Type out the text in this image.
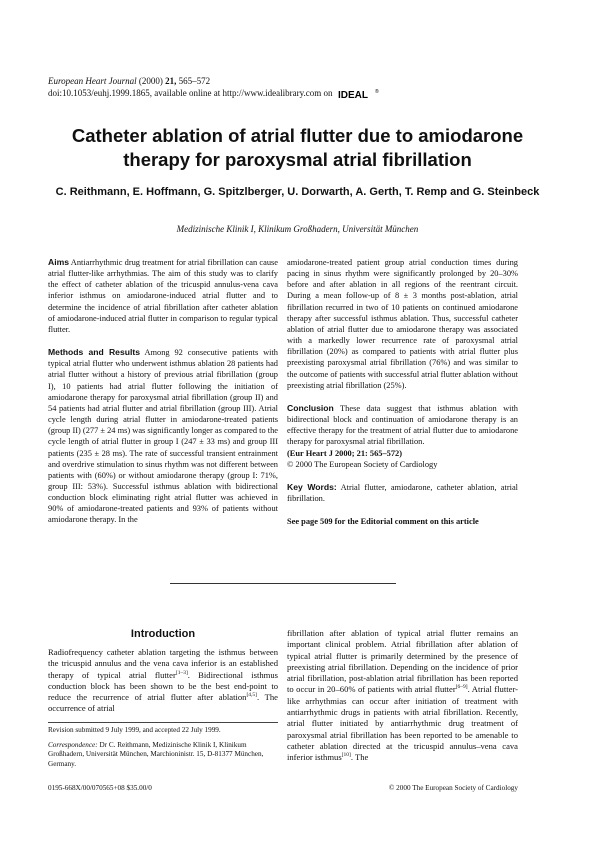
European Heart Journal (2000) 21, 565–572
doi:10.1053/euhj.1999.1865, available online at http://www.idealibrary.com on IDEAL ®
Catheter ablation of atrial flutter due to amiodarone therapy for paroxysmal atrial fibrillation
C. Reithmann, E. Hoffmann, G. Spitzlberger, U. Dorwarth, A. Gerth, T. Remp and G. Steinbeck
Medizinische Klinik I, Klinikum Großhadern, Universität München

Aims Antiarrhythmic drug treatment for atrial fibrillation can cause atrial flutter-like arrhythmias. The aim of this study was to clarify the effect of catheter ablation of the tricuspid annulus-vena cava inferior isthmus on amiodarone-induced atrial flutter and to determine the incidence of atrial fibrillation after catheter ablation of amiodarone-induced atrial flutter in comparison to regular typical flutter.

Methods and Results Among 92 consecutive patients with typical atrial flutter who underwent isthmus ablation 28 patients had atrial flutter without a history of previous atrial fibrillation (group I), 10 patients had atrial flutter following the initiation of amiodarone therapy for paroxysmal atrial fibrillation (group II) and 54 patients had atrial flutter and atrial fibrillation (group III). Atrial cycle length during atrial flutter in amiodarone-treated patients (group II) (277 ± 24 ms) was significantly longer as compared to the cycle length of atrial flutter in group I (247 ± 33 ms) and group III patients (235 ± 28 ms). The rate of successful transient entrainment and overdrive stimulation to sinus rhythm was not different between patients with (60%) or without amiodarone therapy (group I: 71%, group III: 53%). Successful isthmus ablation with bidirectional conduction block eliminating right atrial flutter was achieved in 90% of amiodarone-treated patients and 93% of patients without amiodarone therapy. In the

amiodarone-treated patient group atrial conduction times during pacing in sinus rhythm were significantly prolonged by 20–30% before and after ablation in all regions of the reentrant circuit. During a mean follow-up of 8 ± 3 months post-ablation, atrial fibrillation recurred in two of 10 patients on continued amiodarone therapy after successful isthmus ablation. Thus, successful catheter ablation of atrial flutter due to amiodarone therapy was associated with a markedly lower recurrence rate of paroxysmal atrial fibrillation (20%) as compared to patients with atrial flutter plus preexisting paroxysmal atrial fibrillation (76%) and was similar to the outcome of patients with successful atrial flutter ablation without preexisting atrial fibrillation (25%).

Conclusion These data suggest that isthmus ablation with bidirectional block and continuation of amiodarone therapy is an effective therapy for the treatment of atrial flutter due to amiodarone therapy for paroxysmal atrial fibrillation.

(Eur Heart J 2000; 21: 565–572)

© 2000 The European Society of Cardiology

Key Words: Atrial flutter, amiodarone, catheter ablation, atrial fibrillation.

See page 509 for the Editorial comment on this article

Introduction
Radiofrequency catheter ablation targeting the isthmus between the tricuspid annulus and the vena cava inferior is an established therapy of typical atrial flutter[1–3]. Bidirectional isthmus conduction block has been shown to be the best end-point to reduce the recurrence of atrial flutter after ablation[4,5]. The occurrence of atrial
fibrillation after ablation of typical atrial flutter remains an important clinical problem. Atrial fibrillation after ablation of typical atrial flutter is primarily determined by the presence of preexisting atrial fibrillation. Depending on the incidence of prior atrial fibrillation, post-ablation atrial fibrillation has been reported to occur in 20–60% of patients with atrial flutter[6–9]. Atrial flutter-like arrhythmias can occur after initiation of treatment with antiarrhythmic drugs in patients with atrial fibrillation. Recently, atrial flutter initiated by antiarrhythmic drug treatment of paroxysmal atrial fibrillation has been reported to be amenable to catheter ablation directed at the tricuspid annulus–vena cava inferior isthmus[10]. The

Revision submitted 9 July 1999, and accepted 22 July 1999.

Correspondence: Dr C. Reithmann, Medizinische Klinik I, Klinikum Großhadern, Universität München, Marchioninistr. 15, D-81377 München, Germany.

0195-668X/00/070565+08 $35.00/0	© 2000 The European Society of Cardiology
